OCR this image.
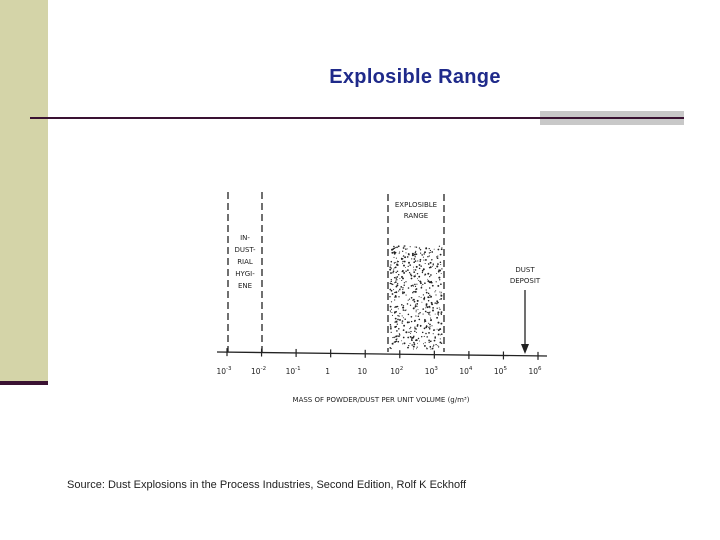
Explosible Range
IN-
DUST-
RIAL
HYGI-
ENE
EXPLOSIBLE
RANGE
DUST
DEPOSIT
$10^{-3}$	$10^{-2}$	$10^{-1}$	1	10	$10^2$	$10^3$	$10^4$	$10^5$	$10^6$
MASS OF POWDER/DUST PER UNIT VOLUME (g/m³)
Source: Dust Explosions in the Process Industries, Second Edition, Rolf K Eckhoff
